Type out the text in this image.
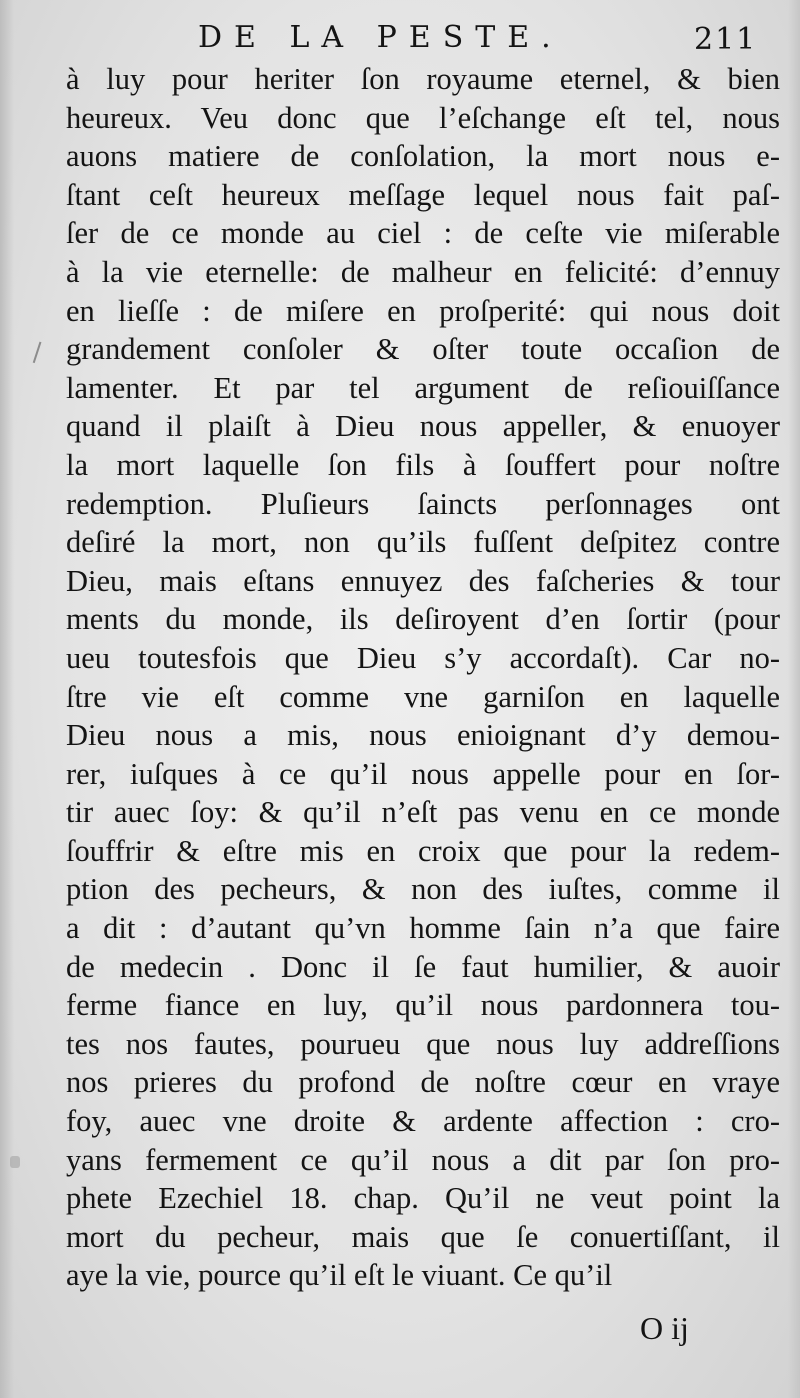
DE LA PESTE.	211
à luy pour heriter ſon royaume eternel, & bien
heureux. Veu donc que l’eſchange eſt tel, nous
auons matiere de conſolation, la mort nous e-
ſtant ceſt heureux meſſage lequel nous fait paſ-
ſer de ce monde au ciel : de ceſte vie miſerable
à la vie eternelle: de malheur en felicité: d’ennuy
en lieſſe : de miſere en proſperité: qui nous doit
grandement conſoler & oſter toute occaſion de
lamenter. Et par tel argument de reſiouiſſance
quand il plaiſt à Dieu nous appeller, & enuoyer
la mort laquelle ſon fils à ſouffert pour noſtre
redemption. Pluſieurs ſaincts perſonnages ont
deſiré la mort, non qu’ils fuſſent deſpitez contre
Dieu, mais eſtans ennuyez des faſcheries & tour
ments du monde, ils deſiroyent d’en ſortir (pour
ueu toutesfois que Dieu s’y accordaſt). Car no-
ſtre vie eſt comme vne garniſon en laquelle
Dieu nous a mis, nous enioignant d’y demou-
rer, iuſques à ce qu’il nous appelle pour en ſor-
tir auec ſoy: & qu’il n’eſt pas venu en ce monde
ſouffrir & eſtre mis en croix que pour la redem-
ption des pecheurs, & non des iuſtes, comme il
a dit : d’autant qu’vn homme ſain n’a que faire
de medecin . Donc il ſe faut humilier, & auoir
ferme fiance en luy, qu’il nous pardonnera tou-
tes nos fautes, pourueu que nous luy addreſſions
nos prieres du profond de noſtre cœur en vraye
foy, auec vne droite & ardente affection : cro-
yans fermement ce qu’il nous a dit par ſon pro-
phete Ezechiel 18. chap. Qu’il ne veut point la
mort du pecheur, mais que ſe conuertiſſant, il
aye la vie, pource qu’il eſt le viuant. Ce qu’il
O ij
